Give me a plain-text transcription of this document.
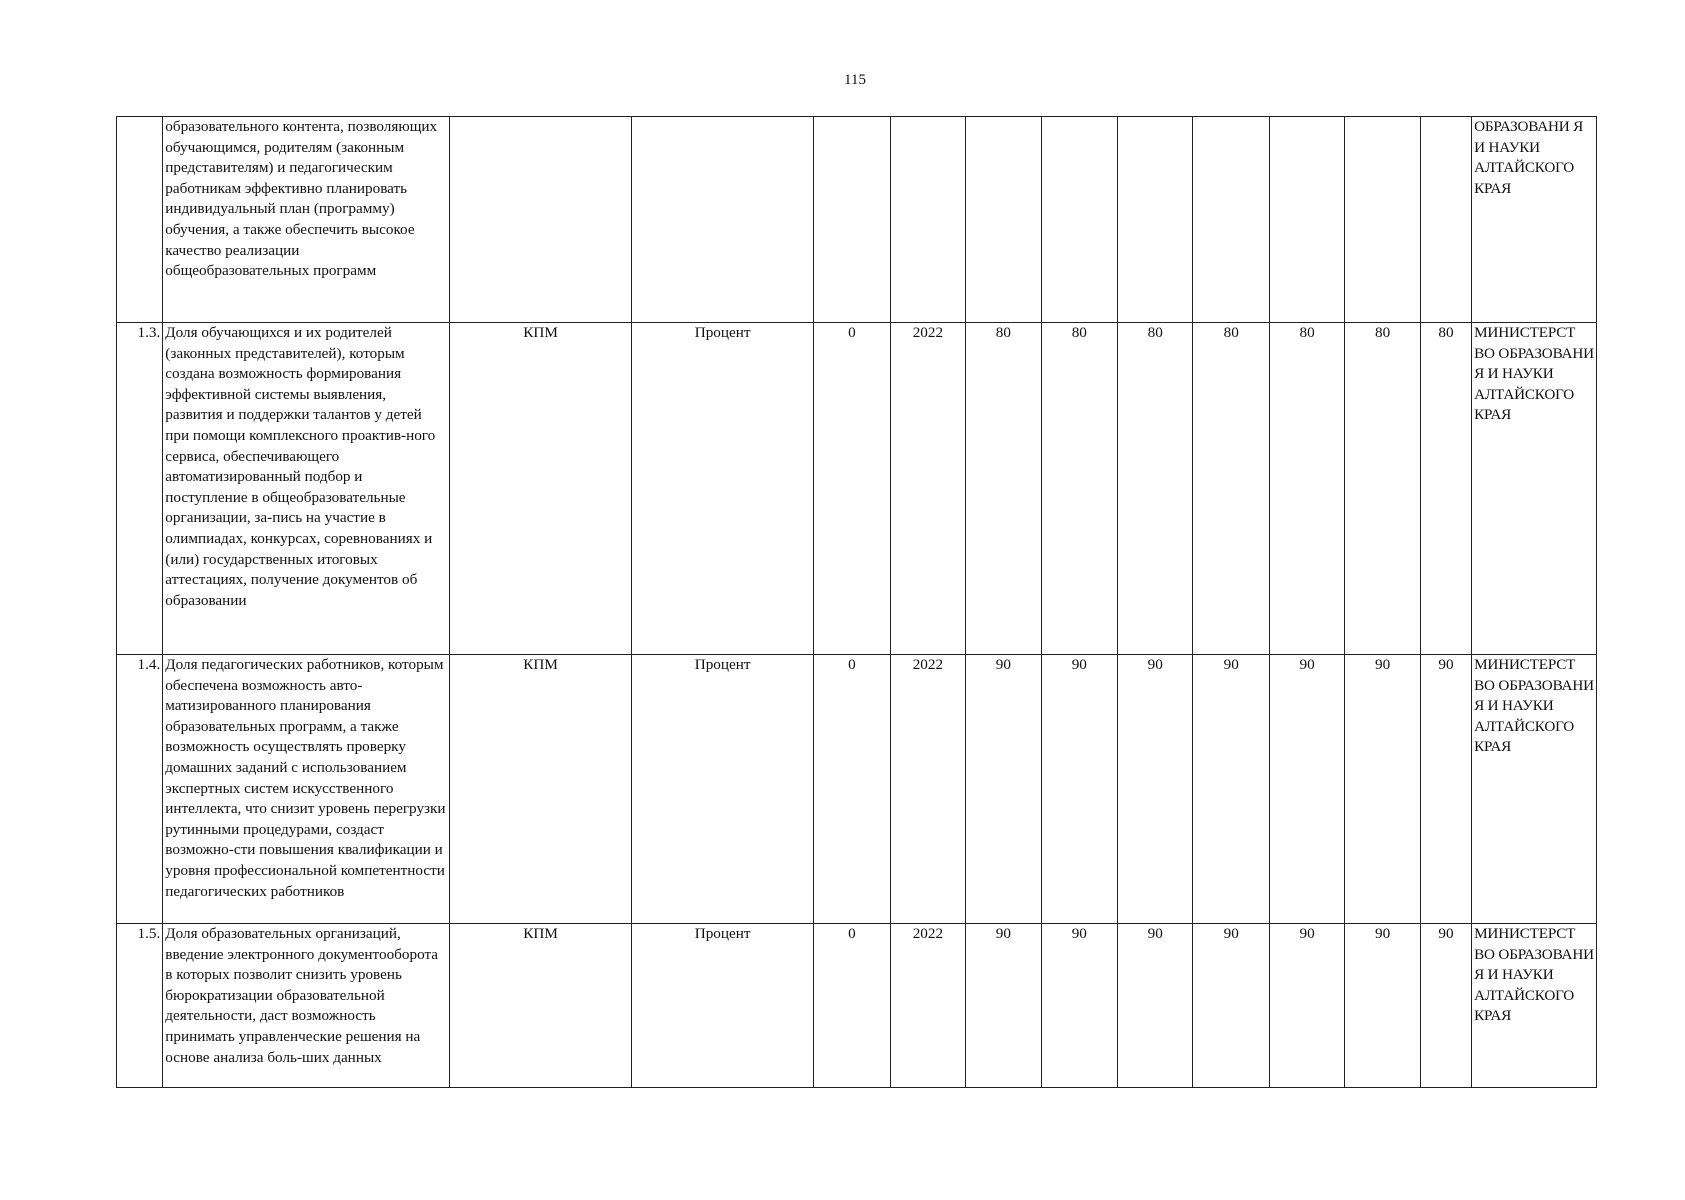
115
	образовательного контента, позволяющих обучающимся, родителям (законным представителям) и педагогическим работникам эффективно планировать индивидуальный план (программу) обучения, а также обеспечить высокое качество реализации общеобразовательных программ												ОБРАЗОВАНИ Я И НАУКИ АЛТАЙСКОГО КРАЯ
1.3.	Доля обучающихся и их родителей (законных представителей), которым создана возможность формирования эффективной системы выявления, развития и поддержки талантов у детей при помощи комплексного проактив-ного сервиса, обеспечивающего автоматизированный подбор и поступление в общеобразовательные организации, за-пись на участие в олимпиадах, конкурсах, соревнованиях и (или) государственных итоговых аттестациях, получение документов об образовании	КПМ	Процент	0	2022	80	80	80	80	80	80	80	МИНИСТЕРСТ ВО ОБРАЗОВАНИ Я И НАУКИ АЛТАЙСКОГО КРАЯ
1.4.	Доля педагогических работников, которым обеспечена возможность авто-матизированного планирования образовательных программ, а также возможность осуществлять проверку домашних заданий с использованием экспертных систем искусственного интеллекта, что снизит уровень перегрузки рутинными процедурами, создаст возможно-сти повышения квалификации и уровня профессиональной компетентности педагогических работников	КПМ	Процент	0	2022	90	90	90	90	90	90	90	МИНИСТЕРСТ ВО ОБРАЗОВАНИ Я И НАУКИ АЛТАЙСКОГО КРАЯ
1.5.	Доля образовательных организаций, введение электронного документооборота в которых позволит снизить уровень бюрократизации образовательной деятельности, даст возможность принимать управленческие решения на основе анализа боль-ших данных	КПМ	Процент	0	2022	90	90	90	90	90	90	90	МИНИСТЕРСТ ВО ОБРАЗОВАНИ Я И НАУКИ АЛТАЙСКОГО КРАЯ
